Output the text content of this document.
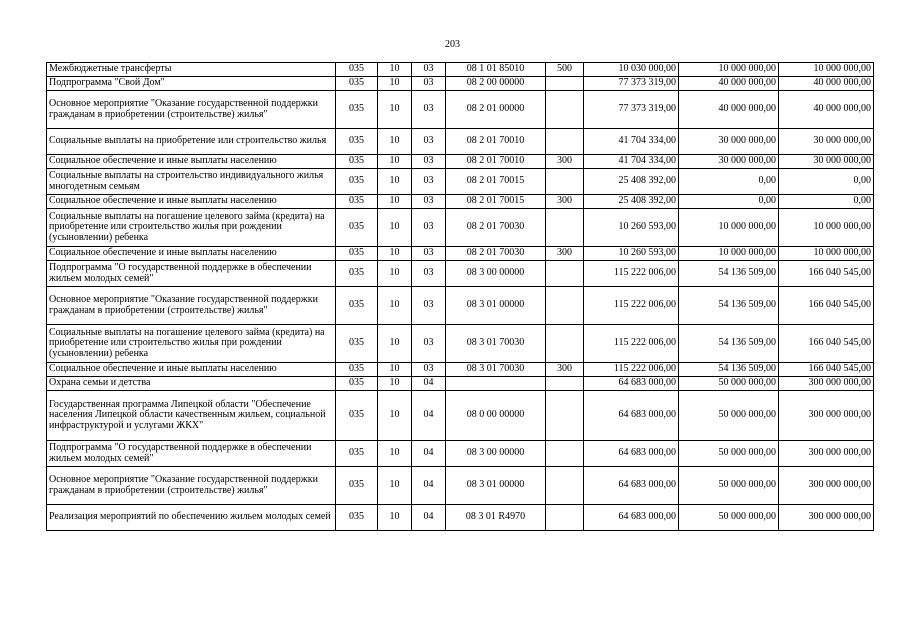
203
Межбюджетные трансферты	035	10	03	08 1 01 85010	500	10 030 000,00	10 000 000,00	10 000 000,00
Подпрограмма "Свой Дом"	035	10	03	08 2 00 00000		77 373 319,00	40 000 000,00	40 000 000,00
Основное мероприятие "Оказание государственной поддержки гражданам в приобретении (строительстве) жилья"	035	10	03	08 2 01 00000		77 373 319,00	40 000 000,00	40 000 000,00
Социальные выплаты на приобретение или строительство жилья	035	10	03	08 2 01 70010		41 704 334,00	30 000 000,00	30 000 000,00
Социальное обеспечение и иные выплаты населению	035	10	03	08 2 01 70010	300	41 704 334,00	30 000 000,00	30 000 000,00
Социальные выплаты на строительство индивидуального жилья многодетным семьям	035	10	03	08 2 01 70015		25 408 392,00	0,00	0,00
Социальное обеспечение и иные выплаты населению	035	10	03	08 2 01 70015	300	25 408 392,00	0,00	0,00
Социальные выплаты на погашение целевого займа (кредита) на приобретение или строительство жилья при рождении (усыновлении) ребенка	035	10	03	08 2 01 70030		10 260 593,00	10 000 000,00	10 000 000,00
Социальное обеспечение и иные выплаты населению	035	10	03	08 2 01 70030	300	10 260 593,00	10 000 000,00	10 000 000,00
Подпрограмма "О государственной поддержке в обеспечении жильем молодых семей"	035	10	03	08 3 00 00000		115 222 006,00	54 136 509,00	166 040 545,00
Основное мероприятие "Оказание государственной поддержки гражданам в приобретении (строительстве) жилья"	035	10	03	08 3 01 00000		115 222 006,00	54 136 509,00	166 040 545,00
Социальные выплаты на погашение целевого займа (кредита) на приобретение или строительство жилья при рождении (усыновлении) ребенка	035	10	03	08 3 01 70030		115 222 006,00	54 136 509,00	166 040 545,00
Социальное обеспечение и иные выплаты населению	035	10	03	08 3 01 70030	300	115 222 006,00	54 136 509,00	166 040 545,00
Охрана семьи и детства	035	10	04			64 683 000,00	50 000 000,00	300 000 000,00
Государственная программа Липецкой области "Обеспечение населения Липецкой области качественным жильем, социальной инфраструктурой и услугами ЖКХ"	035	10	04	08 0 00 00000		64 683 000,00	50 000 000,00	300 000 000,00
Подпрограмма "О государственной поддержке в обеспечении жильем молодых семей"	035	10	04	08 3 00 00000		64 683 000,00	50 000 000,00	300 000 000,00
Основное мероприятие "Оказание государственной поддержки гражданам в приобретении (строительстве) жилья"	035	10	04	08 3 01 00000		64 683 000,00	50 000 000,00	300 000 000,00
Реализация мероприятий по обеспечению жильем молодых семей	035	10	04	08 3 01 R4970		64 683 000,00	50 000 000,00	300 000 000,00
